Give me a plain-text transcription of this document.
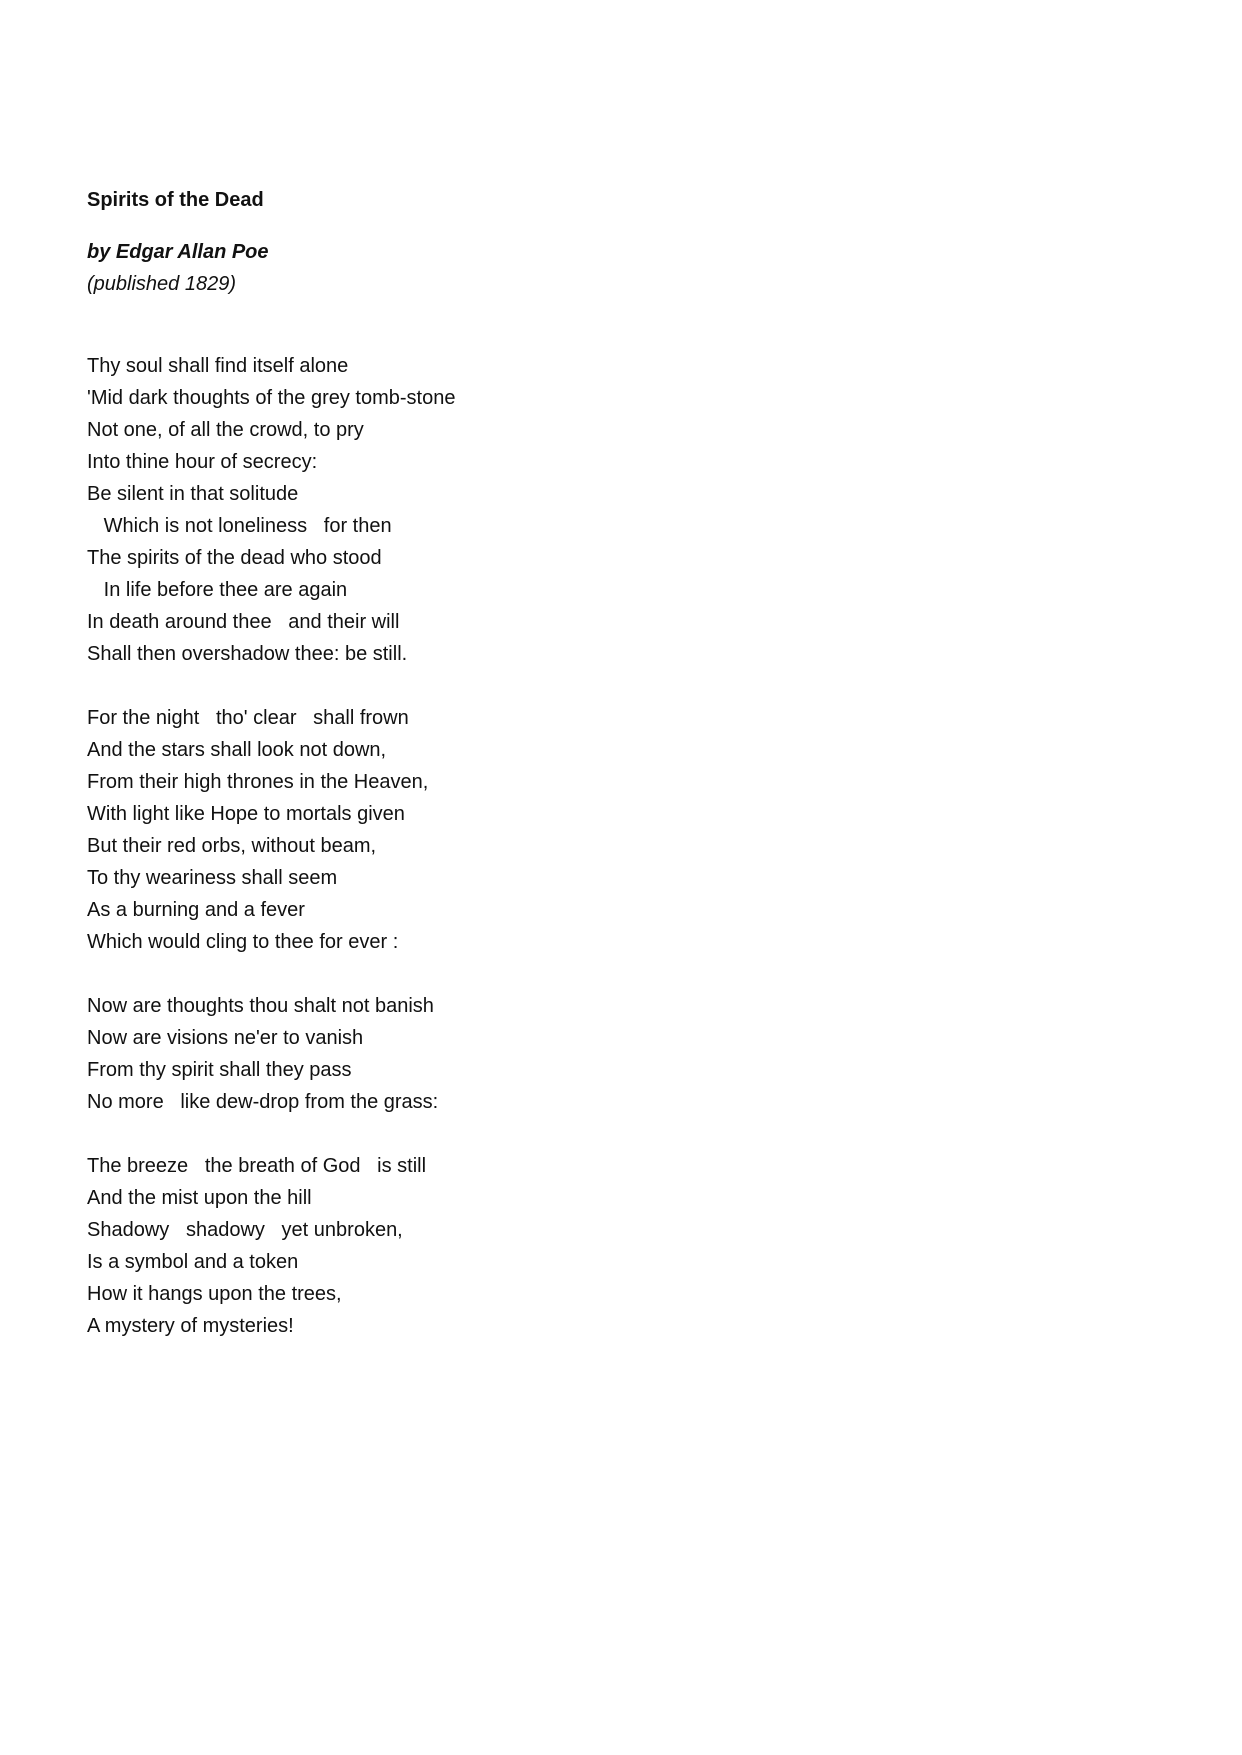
Spirits of the Dead
by Edgar Allan Poe
(published 1829)
Thy soul shall find itself alone
'Mid dark thoughts of the grey tomb-stone
Not one, of all the crowd, to pry
Into thine hour of secrecy:
Be silent in that solitude
Which is not loneliness   for then
The spirits of the dead who stood
In life before thee are again
In death around thee   and their will
Shall then overshadow thee: be still.
For the night   tho' clear   shall frown
And the stars shall look not down,
From their high thrones in the Heaven,
With light like Hope to mortals given
But their red orbs, without beam,
To thy weariness shall seem
As a burning and a fever
Which would cling to thee for ever :
Now are thoughts thou shalt not banish
Now are visions ne'er to vanish
From thy spirit shall they pass
No more   like dew-drop from the grass:
The breeze   the breath of God   is still
And the mist upon the hill
Shadowy   shadowy   yet unbroken,
Is a symbol and a token
How it hangs upon the trees,
A mystery of mysteries!
